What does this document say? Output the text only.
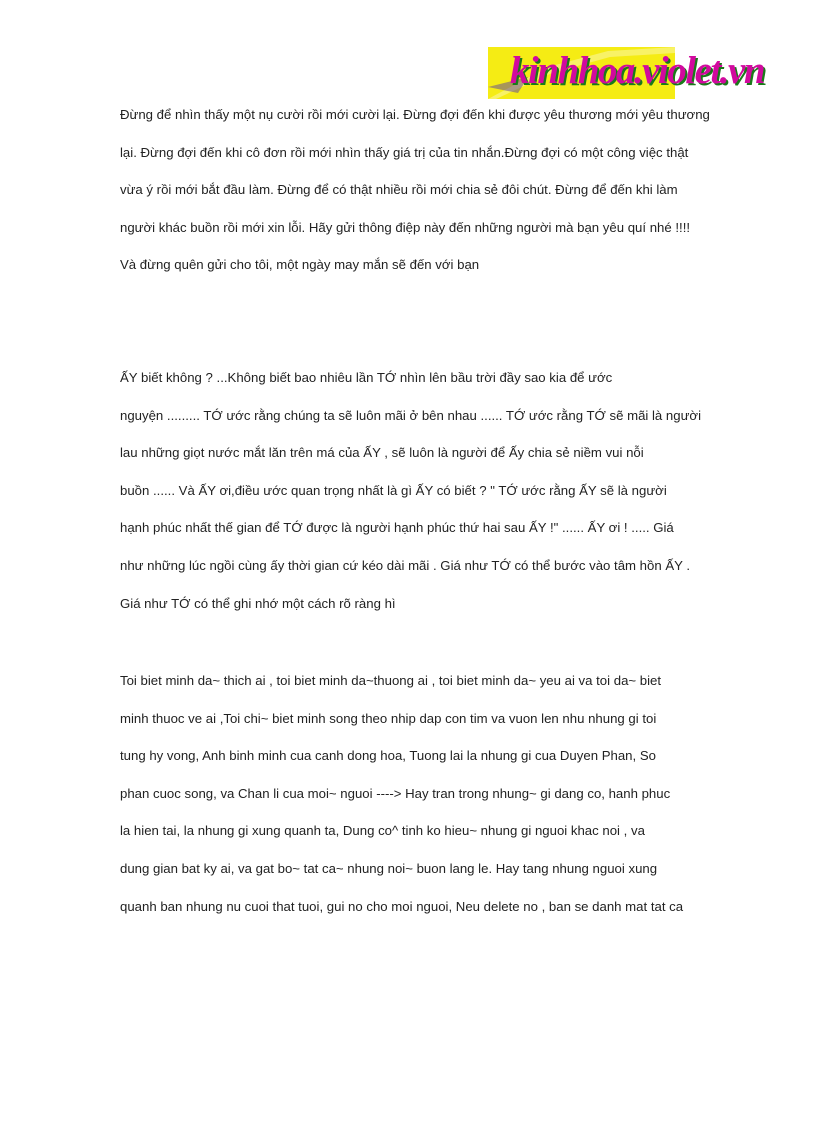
kinhhoa.violet.vn
Đừng để nhìn thấy một nụ cười rồi mới cười lại. Đừng đợi đến khi được yêu thương mới yêu thương
lại. Đừng đợi đến khi cô đơn rồi mới nhìn thấy giá trị của tin nhắn.Đừng đợi có một công việc thật
vừa ý rồi mới bắt đầu làm. Đừng để có thật nhiều rồi mới chia sẻ đôi chút. Đừng để đến khi làm
người khác buồn rồi mới xin lỗi. Hãy gửi thông điệp này đến những người mà bạn yêu quí nhé !!!!
Và đừng quên gửi cho tôi, một ngày may mắn sẽ đến với bạn
ẤY biết không ? ...Không biết bao nhiêu lần TỚ nhìn lên bầu trời đầy sao kia để ước
nguyện ......... TỚ ước rằng chúng ta sẽ luôn mãi ở bên nhau ...... TỚ ước rằng TỚ sẽ mãi là người
lau những giọt nước mắt lăn trên má của ẤY , sẽ luôn là người để Ấy chia sẻ niềm vui nỗi
buồn ...... Và ẤY ơi,điều ước quan trọng nhất là gì ẤY có biết ? " TỚ ước rằng ẤY sẽ là người
hạnh phúc nhất thế gian để TỚ được là người hạnh phúc thứ hai sau ẤY !" ...... ẤY ơi ! ..... Giá
như những lúc ngồi cùng ấy thời gian cứ kéo dài mãi . Giá như TỚ có thể bước vào tâm hồn ẤY .
Giá như TỚ có thể ghi nhớ một cách rõ ràng hì
Toi biet minh da~ thich ai , toi biet minh da~thuong ai , toi biet minh da~ yeu ai va toi da~ biet
minh thuoc ve ai ,Toi chi~ biet minh song theo nhip dap con tim va vuon len nhu nhung gi toi
tung hy vong, Anh binh minh cua canh dong hoa, Tuong lai la nhung gi cua Duyen Phan, So
phan cuoc song, va Chan li cua moi~ nguoi ----> Hay tran trong nhung~ gi dang co, hanh phuc
la hien tai, la nhung gi xung quanh ta, Dung co^ tinh ko hieu~ nhung gi nguoi khac noi , va
dung gian bat ky ai, va gat bo~ tat ca~ nhung noi~ buon lang le. Hay tang nhung nguoi xung
quanh ban nhung nu cuoi that tuoi, gui no cho moi nguoi, Neu delete no , ban se danh mat tat ca
